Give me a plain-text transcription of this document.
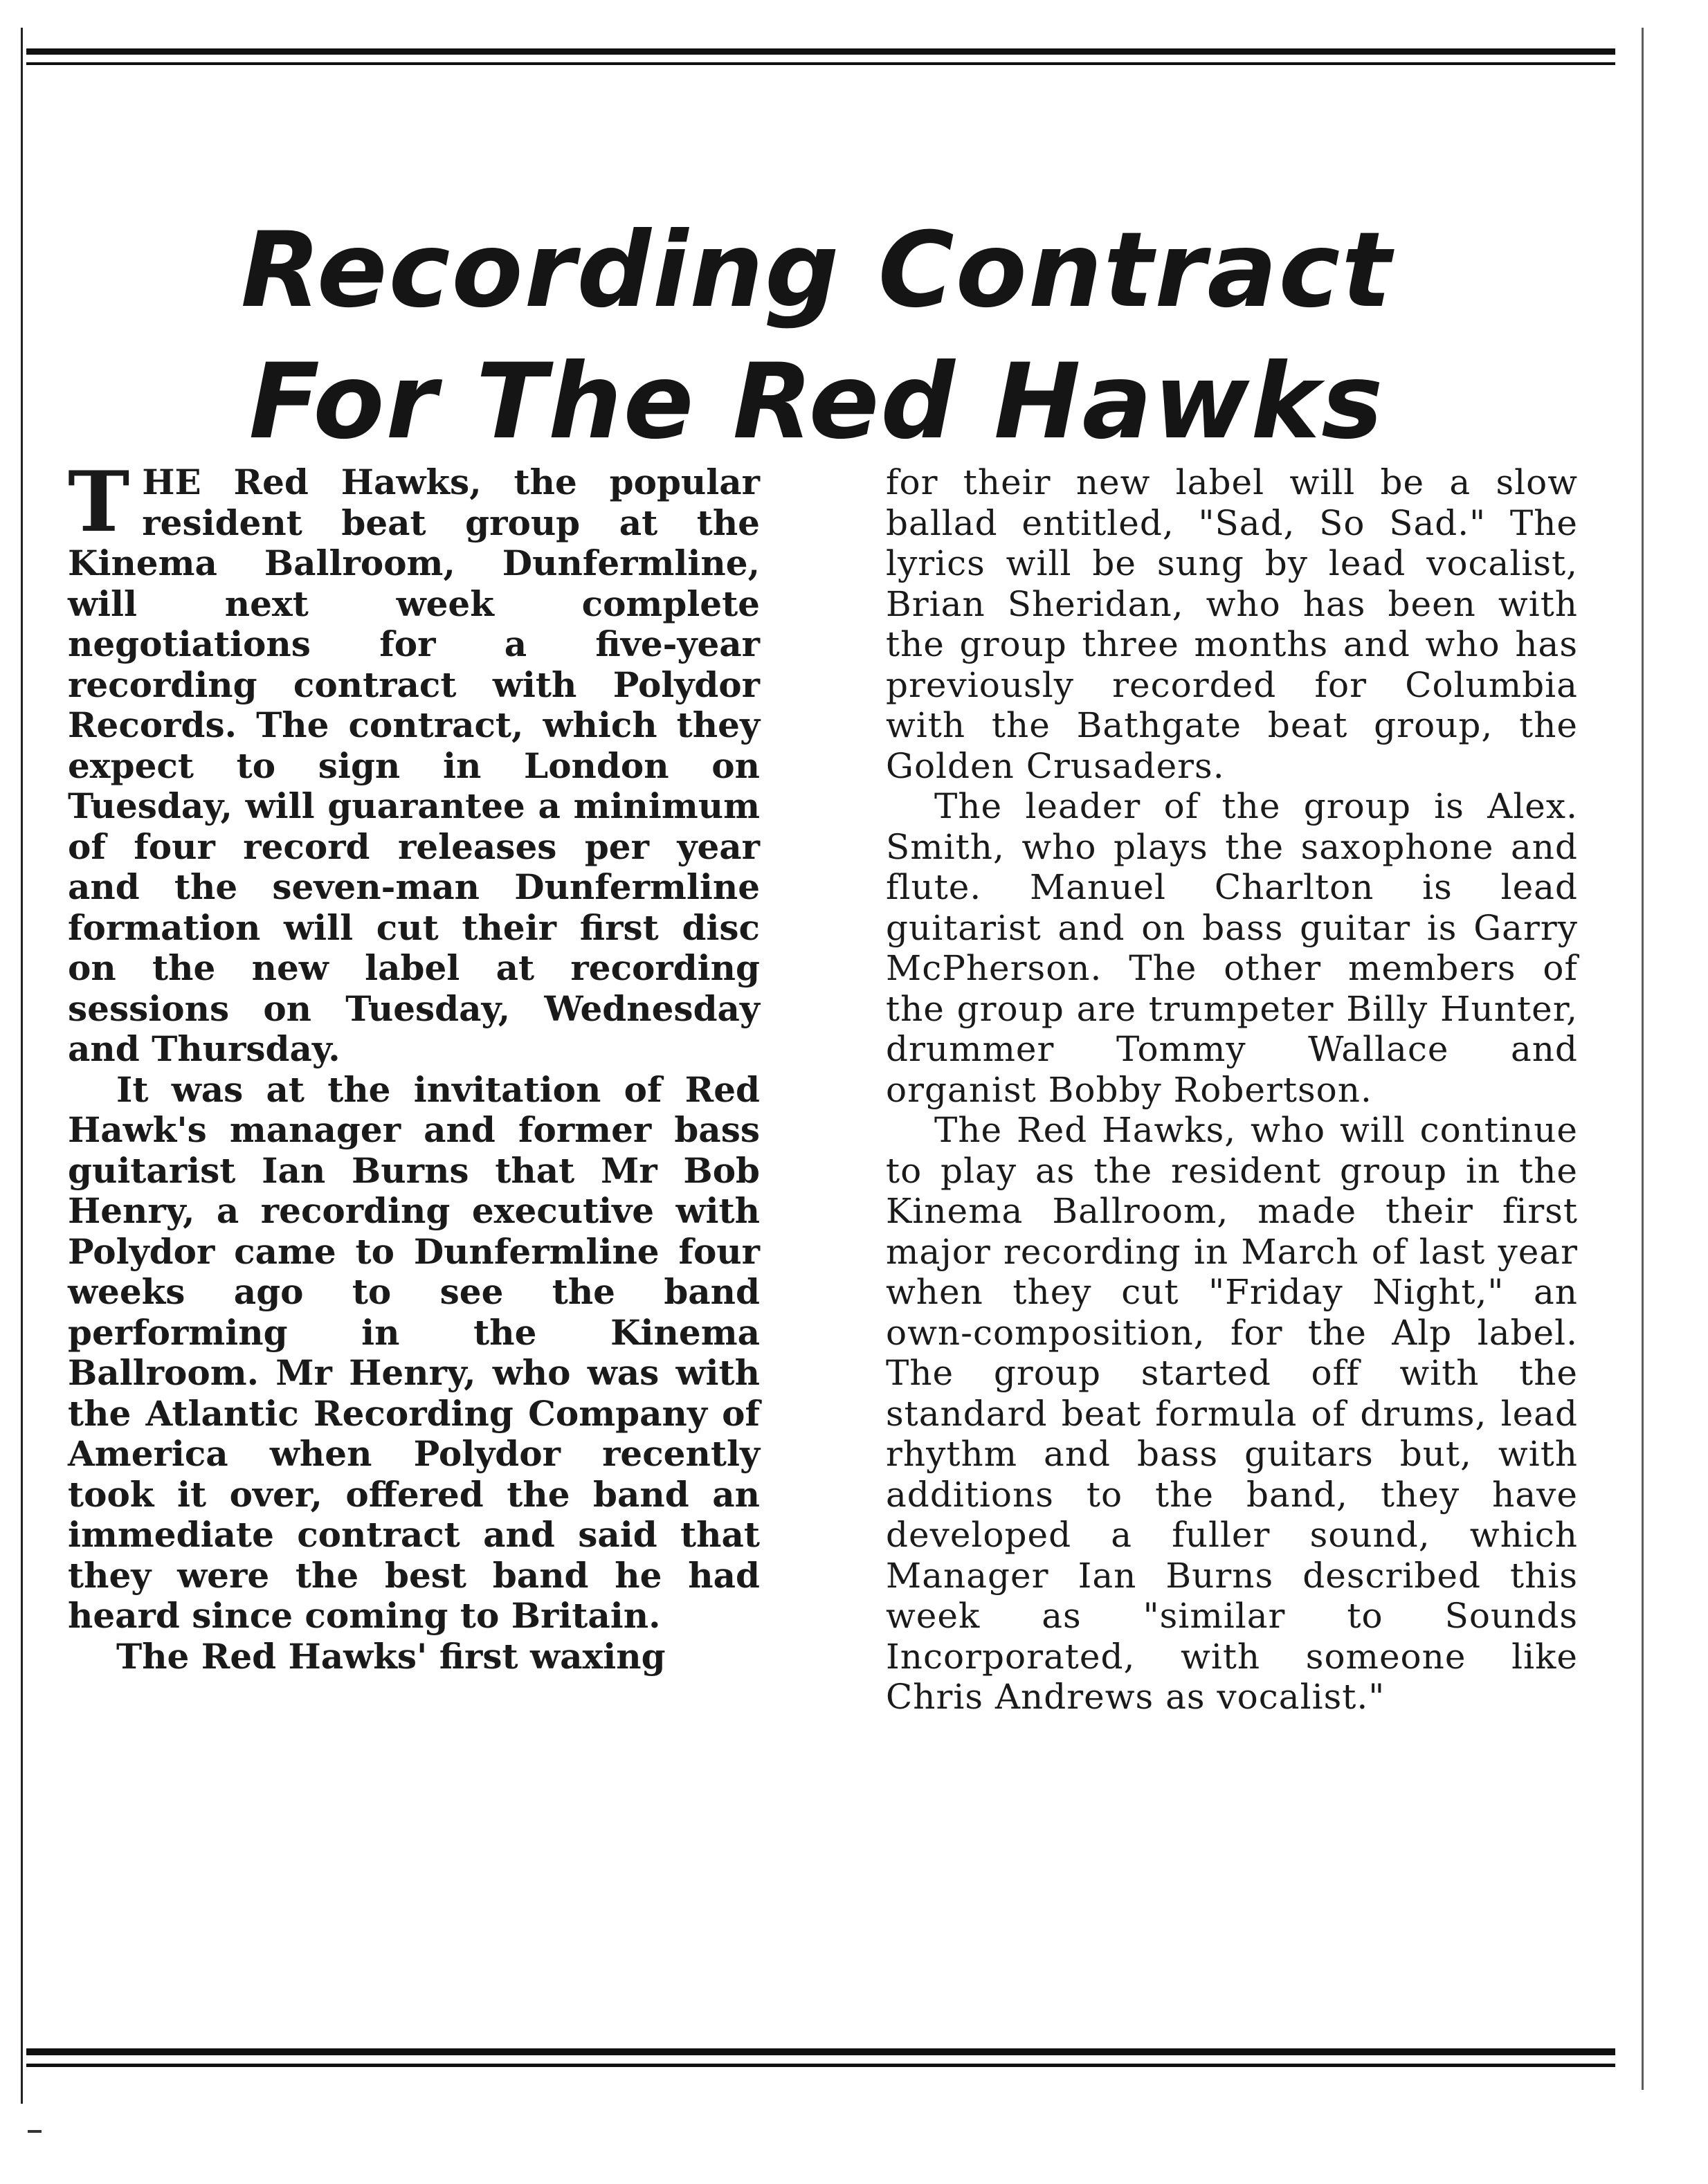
Recording Contract
For The Red Hawks

THE Red Hawks, the popular resident beat group at the Kinema Ballroom, Dunfermline, will next week complete negotiations for a five-year recording contract with Polydor Records. The contract, which they expect to sign in London on Tuesday, will guarantee a minimum of four record releases per year and the seven-man Dunfermline formation will cut their first disc on the new label at recording sessions on Tuesday, Wednesday and Thursday.

It was at the invitation of Red Hawk's manager and former bass guitarist Ian Burns that Mr Bob Henry, a recording executive with Polydor came to Dunfermline four weeks ago to see the band performing in the Kinema Ballroom. Mr Henry, who was with the Atlantic Recording Company of America when Polydor recently took it over, offered the band an immediate contract and said that they were the best band he had heard since coming to Britain.

The Red Hawks' first waxing

for their new label will be a slow ballad entitled, "Sad, So Sad." The lyrics will be sung by lead vocalist, Brian Sheridan, who has been with the group three months and who has previously recorded for Columbia with the Bathgate beat group, the Golden Crusaders.

The leader of the group is Alex. Smith, who plays the saxophone and flute. Manuel Charlton is lead guitarist and on bass guitar is Garry McPherson. The other members of the group are trumpeter Billy Hunter, drummer Tommy Wallace and organist Bobby Robertson.

The Red Hawks, who will continue to play as the resident group in the Kinema Ballroom, made their first major recording in March of last year when they cut "Friday Night," an own-composition, for the Alp label. The group started off with the standard beat formula of drums, lead rhythm and bass guitars but, with additions to the band, they have developed a fuller sound, which Manager Ian Burns described this week as "similar to Sounds Incorporated, with someone like Chris Andrews as vocalist."
